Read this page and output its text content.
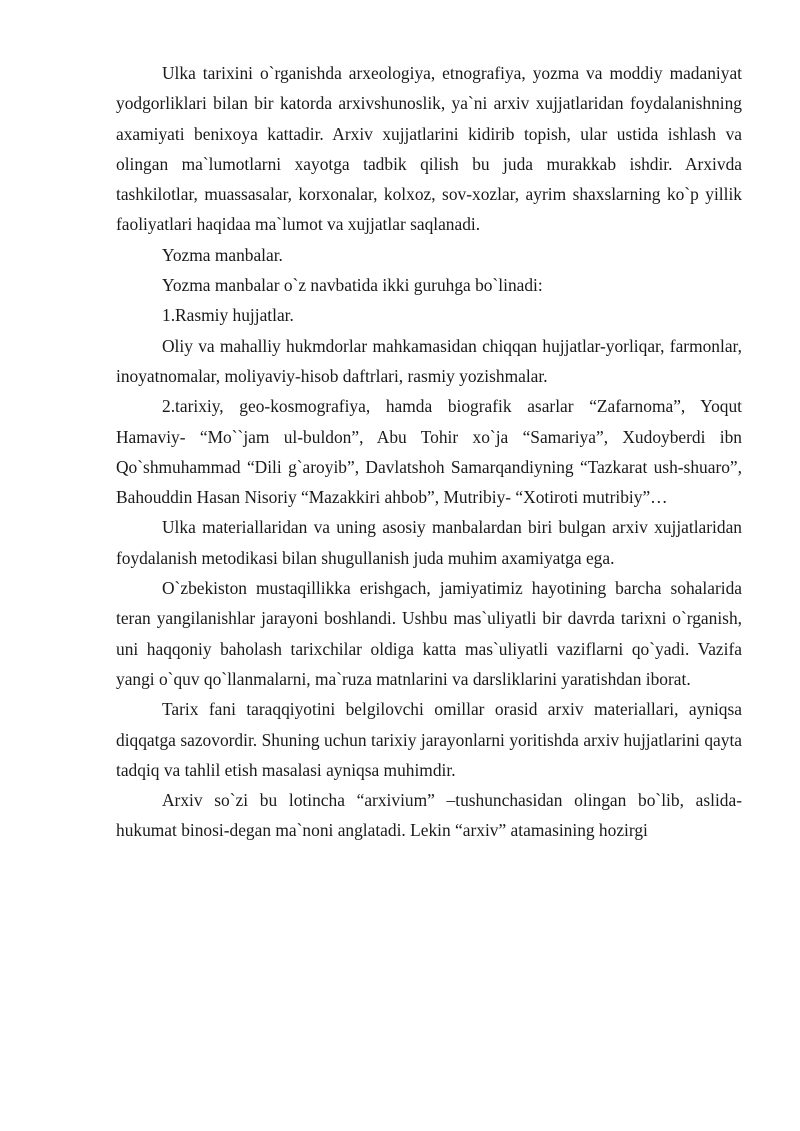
Ulka tarixini o`rganishda arxeologiya, etnografiya, yozma va moddiy madaniyat yodgorliklari bilan bir katorda arxivshunoslik, ya`ni arxiv xujjatlaridan foydalanishning axamiyati benixoya kattadir. Arxiv xujjatlarini kidirib topish, ular ustida ishlash va olingan ma`lumotlarni xayotga tadbik qilish bu juda murakkab ishdir. Arxivda tashkilotlar, muassasalar, korxonalar, kolxoz, sov-xozlar, ayrim shaxslarning ko`p yillik faoliyatlari haqidaa ma`lumot va xujjatlar saqlanadi.

Yozma manbalar.

Yozma manbalar o`z navbatida ikki guruhga bo`linadi:

1.Rasmiy hujjatlar.

Oliy va mahalliy hukmdorlar mahkamasidan chiqqan hujjatlar-yorliqar, farmonlar, inoyatnomalar, moliyaviy-hisob daftrlari, rasmiy yozishmalar.

2.tarixiy, geo-kosmografiya, hamda biografik asarlar “Zafarnoma”, Yoqut Hamaviy- “Mo``jam ul-buldon”, Abu Tohir xo`ja “Samariya”, Xudoyberdi ibn Qo`shmuhammad “Dili g`aroyib”, Davlatshoh Samarqandiyning “Tazkarat ush-shuaro”, Bahouddin Hasan Nisoriy “Mazakkiri ahbob”, Mutribiy- “Xotiroti mutribiy”…

Ulka materiallaridan va uning asosiy manbalardan biri bulgan arxiv xujjatlaridan foydalanish metodikasi bilan shugullanish juda muhim axamiyatga ega.

O`zbekiston mustaqillikka erishgach, jamiyatimiz hayotining barcha sohalarida teran yangilanishlar jarayoni boshlandi. Ushbu mas`uliyatli bir davrda tarixni o`rganish, uni haqqoniy baholash tarixchilar oldiga katta mas`uliyatli vaziflarni qo`yadi. Vazifa yangi o`quv qo`llanmalarni, ma`ruza matnlarini va darsliklarini yaratishdan iborat.

Tarix fani taraqqiyotini belgilovchi omillar orasid arxiv materiallari, ayniqsa diqqatga sazovordir. Shuning uchun tarixiy jarayonlarni yoritishda arxiv hujjatlarini qayta tadqiq va tahlil etish masalasi ayniqsa muhimdir.

Arxiv so`zi bu lotincha “arxivium” –tushunchasidan olingan bo`lib, aslida-hukumat binosi-degan ma`noni anglatadi. Lekin “arxiv” atamasining hozirgi
